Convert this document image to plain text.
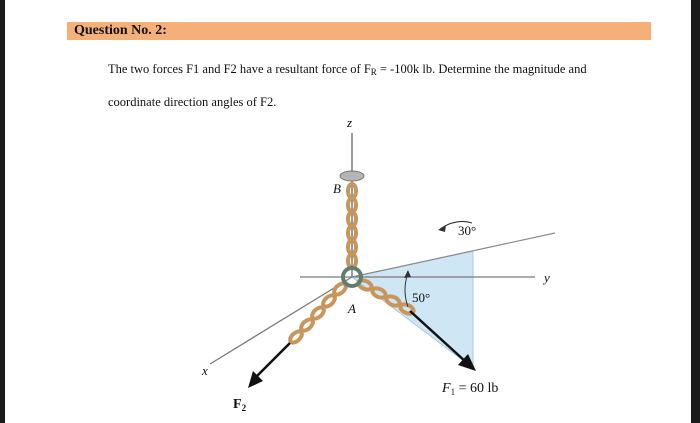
Question No. 2:
The two forces F1 and F2 have a resultant force of $F_R = -100k$ lb. Determine the magnitude and
coordinate direction angles of F2.
z
B
A
y
x
30°
50°
$F_1 = 60$ lb
$F_2$
